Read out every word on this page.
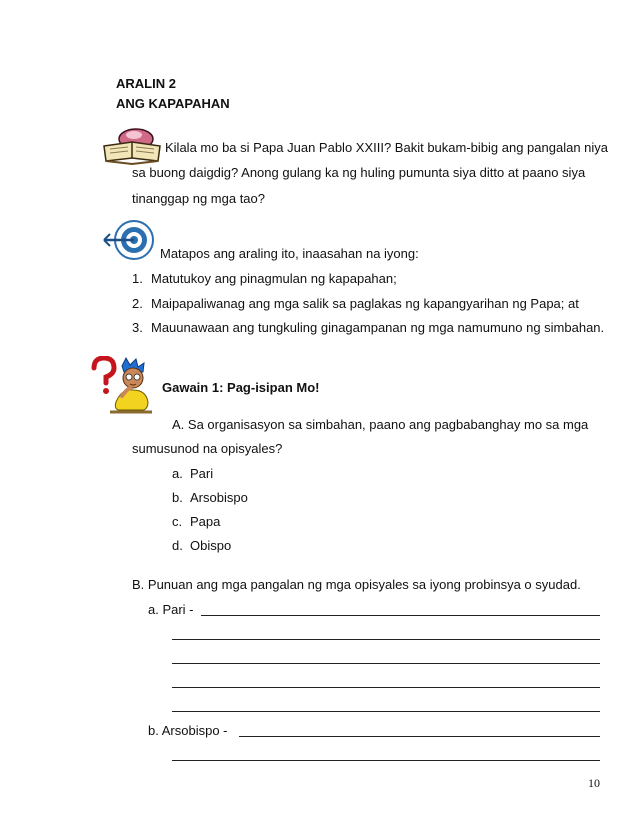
ARALIN 2
ANG KAPAPAHAN
Kilala mo ba si Papa Juan Pablo XXIII? Bakit bukam-bibig ang pangalan niya
sa buong daigdig? Anong gulang ka ng huling pumunta siya ditto at paano siya
tinanggap ng mga tao?
Matapos ang araling ito, inaasahan na iyong:
1. Matutukoy ang pinagmulan ng kapapahan;
2. Maipapaliwanag ang mga salik sa paglakas ng kapangyarihan ng Papa; at
3. Mauunawaan ang tungkuling ginagampanan ng mga namumuno ng simbahan.
Gawain 1: Pag-isipan Mo!
A. Sa organisasyon sa simbahan, paano ang pagbabanghay mo sa mga
sumusunod na opisyales?
a. Pari
b. Arsobispo
c. Papa
d. Obispo
B. Punuan ang mga pangalan ng mga opisyales sa iyong probinsya o syudad.
a. Pari -
b. Arsobispo -
10
